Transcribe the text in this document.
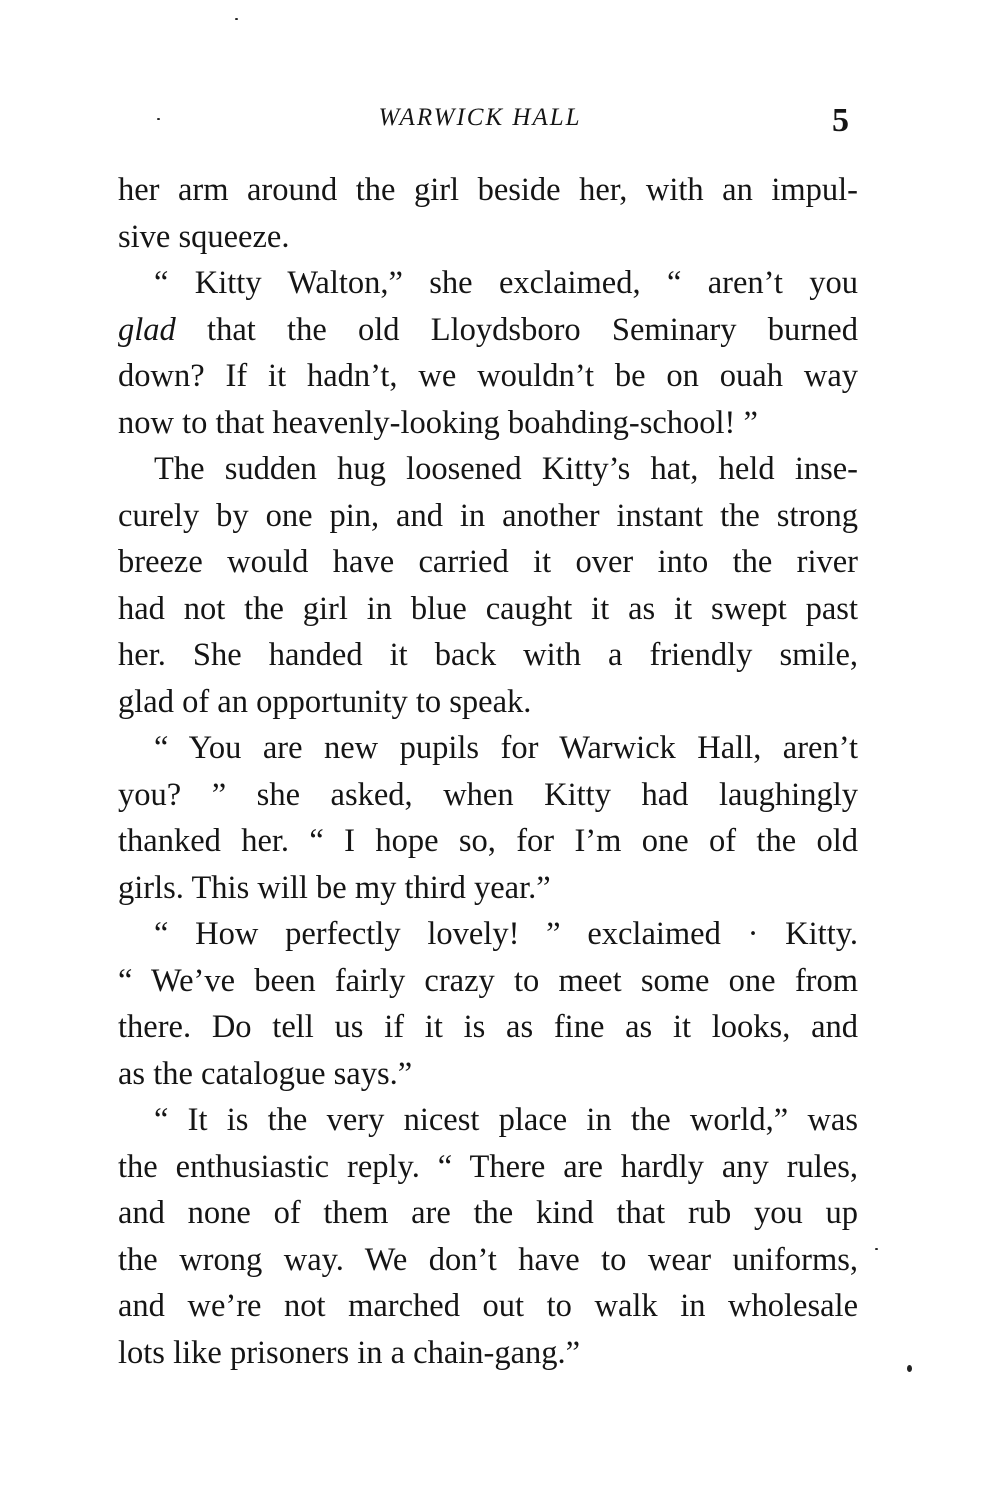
WARWICK HALL	5

her arm around the girl beside her, with an impul-
sive squeeze.

“ Kitty Walton,” she exclaimed, “ aren’t you
glad that the old Lloydsboro Seminary burned
down? If it hadn’t, we wouldn’t be on ouah way
now to that heavenly-looking boahding-school! ”

The sudden hug loosened Kitty’s hat, held inse-
curely by one pin, and in another instant the strong
breeze would have carried it over into the river
had not the girl in blue caught it as it swept past
her. She handed it back with a friendly smile,
glad of an opportunity to speak.

“ You are new pupils for Warwick Hall, aren’t
you? ” she asked, when Kitty had laughingly
thanked her. “ I hope so, for I’m one of the old
girls. This will be my third year.”

“ How perfectly lovely! ” exclaimed · Kitty.
“ We’ve been fairly crazy to meet some one from
there. Do tell us if it is as fine as it looks, and
as the catalogue says.”

“ It is the very nicest place in the world,” was
the enthusiastic reply. “ There are hardly any rules,
and none of them are the kind that rub you up
the wrong way. We don’t have to wear uniforms,
and we’re not marched out to walk in wholesale
lots like prisoners in a chain-gang.”
